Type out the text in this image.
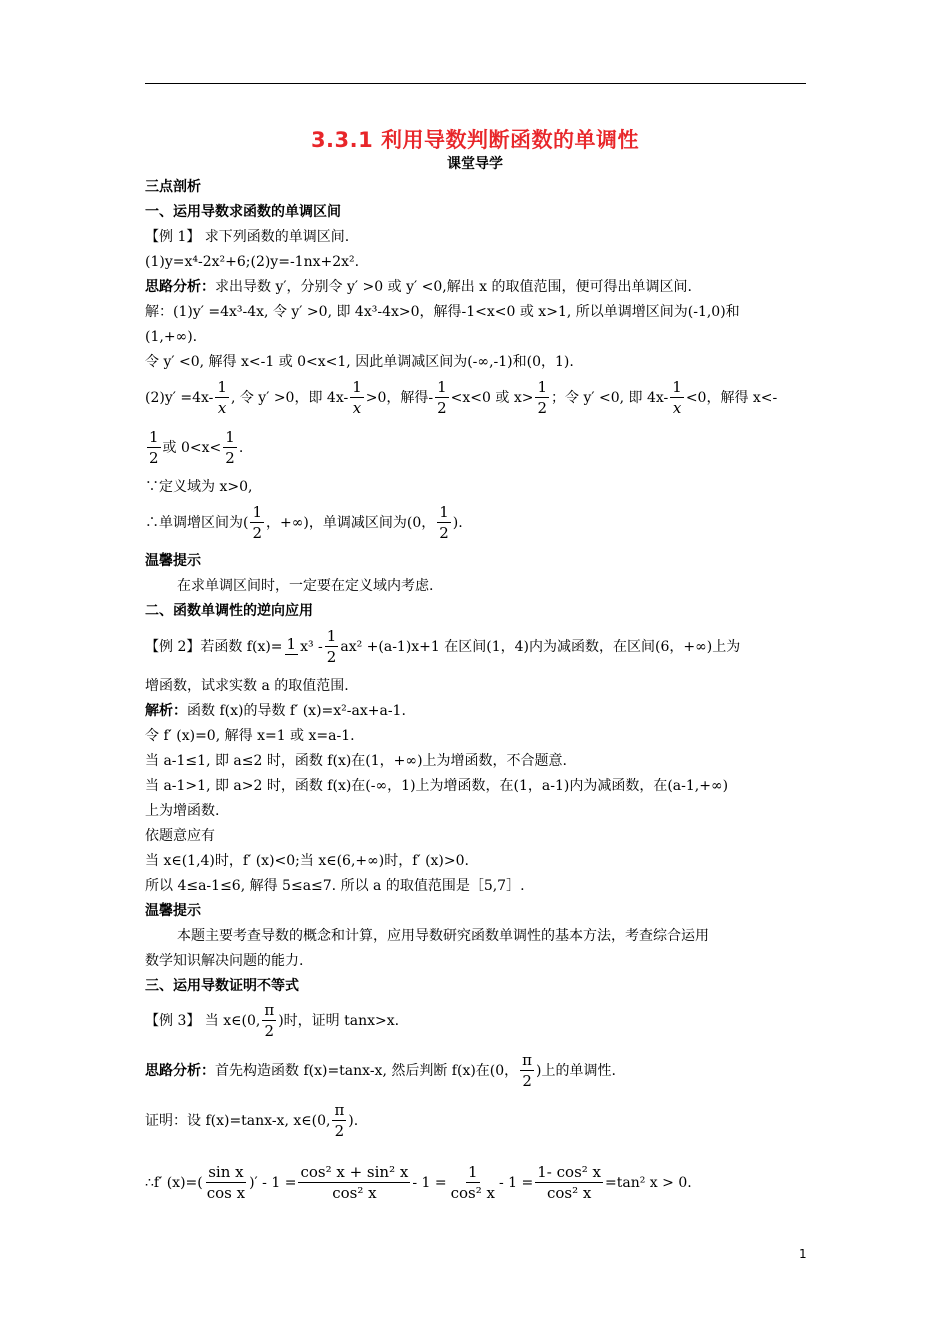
3.3.1 利用导数判断函数的单调性
课堂导学
三点剖析
一、运用导数求函数的单调区间
【例 1】 求下列函数的单调区间.
(1)y=x⁴-2x²+6;(2)y=-1nx+2x².
思路分析：求出导数 y′，分别令 y′ >0 或 y′ <0,解出 x 的取值范围，便可得出单调区间.
解：(1)y′ =4x³-4x, 令 y′ >0, 即 4x³-4x>0，解得-1<x<0 或 x>1, 所以单调增区间为(-1,0)和
(1,+∞).
令 y′ <0, 解得 x<-1 或 0<x<1, 因此单调减区间为(-∞,-1)和(0，1).
$(2)y' =4x- \frac{1}{x}$ , 令 y′ >0，即 $4x- \frac{1}{x} >0$，解得- $\frac{1}{2} <x<0$ 或 $x> \frac{1}{2}$ ；令 y′ <0, 即 $4x- \frac{1}{x} <0$，解得 x<-
$\frac{1}{2}$ 或 $0<x< \frac{1}{2}$ .
∵定义域为 x>0,
∴单调增区间为( $\frac{1}{2}$ ，+∞)，单调减区间为(0， $\frac{1}{2}$ ).
温馨提示
在求单调区间时，一定要在定义域内考虑.
二、函数单调性的逆向应用
【例 2】若函数 f(x)= 1 $x^3 - \frac{1}{2} ax^2 +(a-1)x+1$ 在区间(1，4)内为减函数，在区间(6，+∞)上为
增函数，试求实数 a 的取值范围.
解析：函数 f(x)的导数 f′ (x)=x²-ax+a-1.
令 f′ (x)=0, 解得 x=1 或 x=a-1.
当 a-1≤1, 即 a≤2 时，函数 f(x)在(1，+∞)上为增函数，不合题意.
当 a-1>1, 即 a>2 时，函数 f(x)在(-∞，1)上为增函数，在(1，a-1)内为减函数，在(a-1,+∞)
上为增函数.
依题意应有
当 x∈(1,4)时，f′ (x)<0;当 x∈(6,+∞)时，f′ (x)>0.
所以 4≤a-1≤6, 解得 5≤a≤7. 所以 a 的取值范围是［5,7］.
温馨提示
本题主要考查导数的概念和计算，应用导数研究函数单调性的基本方法，考查综合运用
数学知识解决问题的能力.
三、运用导数证明不等式
【例 3】 当 x∈(0, $\frac{\pi}{2}$ )时，证明 tanx>x.
思路分析：首先构造函数 f(x)=tanx-x, 然后判断 f(x)在(0， $\frac{\pi}{2}$ )上的单调性.
证明：设 f(x)=tanx-x, x∈(0, $\frac{\pi}{2}$ ).
∴f′ $(x)=( \frac{\text{sin x}}{\text{cos x}}$ )′ - $1 = \frac{\text{cos² x + sin² x}}{\text{cos² x}} - 1 = \frac{1}{\text{cos² x}} - 1 = \frac{\text{1- cos² x}}{\text{cos² x}} =\tan^2$ x > 0.
1
